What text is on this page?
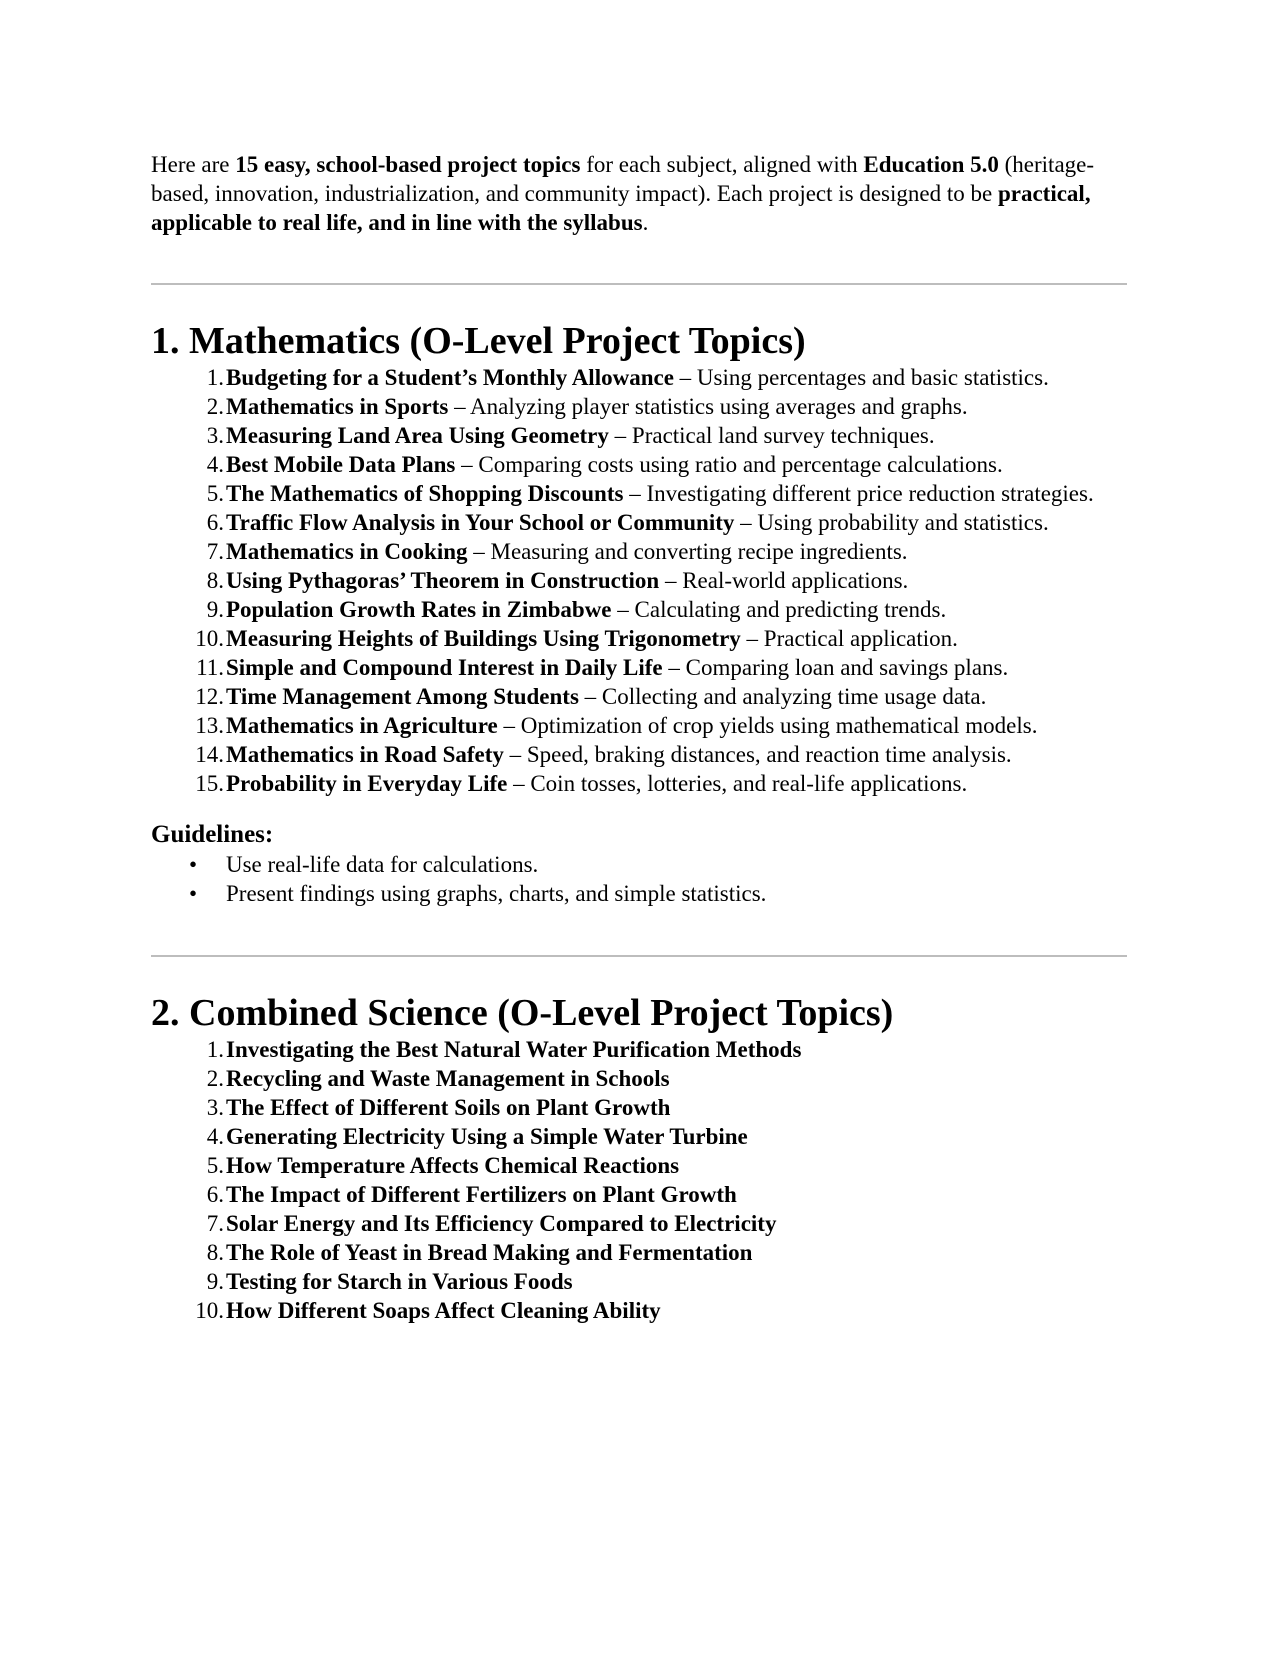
Here are 15 easy, school-based project topics for each subject, aligned with Education 5.0 (heritage-based, innovation, industrialization, and community impact). Each project is designed to be practical, applicable to real life, and in line with the syllabus.

1. Mathematics (O-Level Project Topics)
1. Budgeting for a Student’s Monthly Allowance – Using percentages and basic statistics.
2. Mathematics in Sports – Analyzing player statistics using averages and graphs.
3. Measuring Land Area Using Geometry – Practical land survey techniques.
4. Best Mobile Data Plans – Comparing costs using ratio and percentage calculations.
5. The Mathematics of Shopping Discounts – Investigating different price reduction strategies.
6. Traffic Flow Analysis in Your School or Community – Using probability and statistics.
7. Mathematics in Cooking – Measuring and converting recipe ingredients.
8. Using Pythagoras’ Theorem in Construction – Real-world applications.
9. Population Growth Rates in Zimbabwe – Calculating and predicting trends.
10. Measuring Heights of Buildings Using Trigonometry – Practical application.
11. Simple and Compound Interest in Daily Life – Comparing loan and savings plans.
12. Time Management Among Students – Collecting and analyzing time usage data.
13. Mathematics in Agriculture – Optimization of crop yields using mathematical models.
14. Mathematics in Road Safety – Speed, braking distances, and reaction time analysis.
15. Probability in Everyday Life – Coin tosses, lotteries, and real-life applications.
Guidelines:
• Use real-life data for calculations.
• Present findings using graphs, charts, and simple statistics.
2. Combined Science (O-Level Project Topics)
1. Investigating the Best Natural Water Purification Methods
2. Recycling and Waste Management in Schools
3. The Effect of Different Soils on Plant Growth
4. Generating Electricity Using a Simple Water Turbine
5. How Temperature Affects Chemical Reactions
6. The Impact of Different Fertilizers on Plant Growth
7. Solar Energy and Its Efficiency Compared to Electricity
8. The Role of Yeast in Bread Making and Fermentation
9. Testing for Starch in Various Foods
10. How Different Soaps Affect Cleaning Ability
